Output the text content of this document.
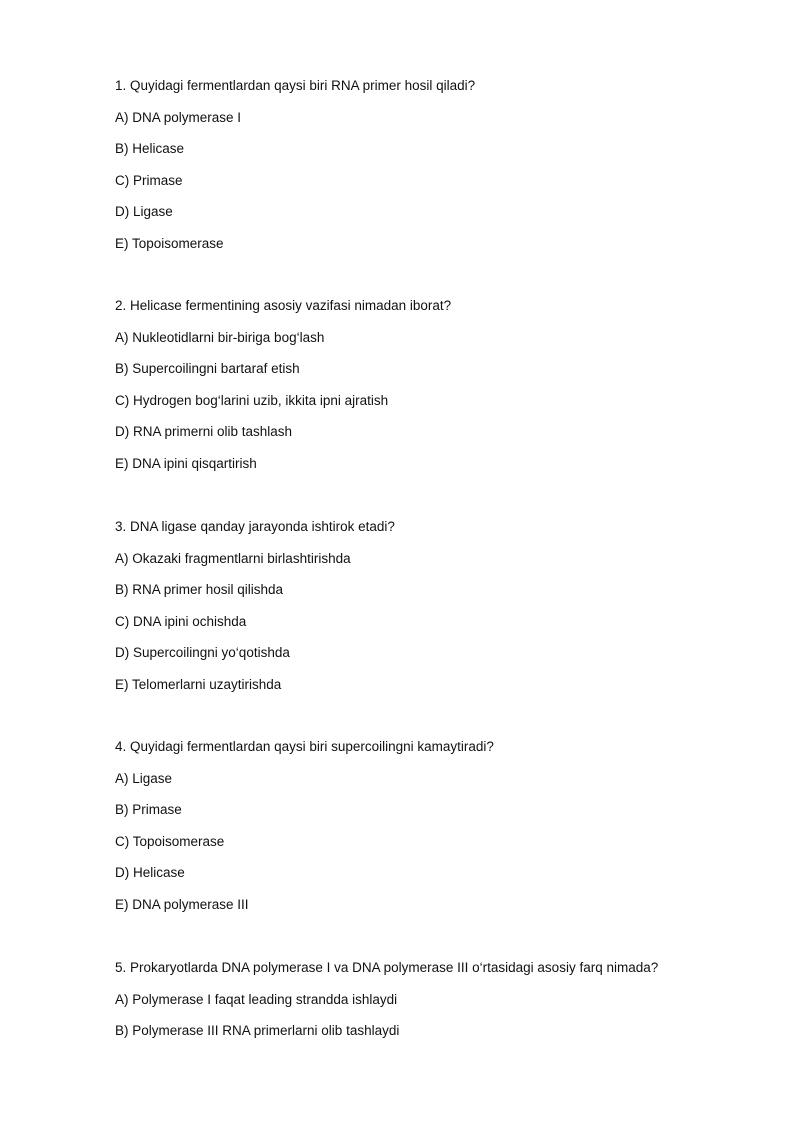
1. Quyidagi fermentlardan qaysi biri RNA primer hosil qiladi?

A) DNA polymerase I

B) Helicase

C) Primase

D) Ligase

E) Topoisomerase

2. Helicase fermentining asosiy vazifasi nimadan iborat?

A) Nukleotidlarni bir-biriga bog‘lash

B) Supercoilingni bartaraf etish

C) Hydrogen bog‘larini uzib, ikkita ipni ajratish

D) RNA primerni olib tashlash

E) DNA ipini qisqartirish

3. DNA ligase qanday jarayonda ishtirok etadi?

A) Okazaki fragmentlarni birlashtirishda

B) RNA primer hosil qilishda

C) DNA ipini ochishda

D) Supercoilingni yo‘qotishda

E) Telomerlarni uzaytirishda

4. Quyidagi fermentlardan qaysi biri supercoilingni kamaytiradi?

A) Ligase

B) Primase

C) Topoisomerase

D) Helicase

E) DNA polymerase III

5. Prokaryotlarda DNA polymerase I va DNA polymerase III o‘rtasidagi asosiy farq nimada?

A) Polymerase I faqat leading strandda ishlaydi

B) Polymerase III RNA primerlarni olib tashlaydi
